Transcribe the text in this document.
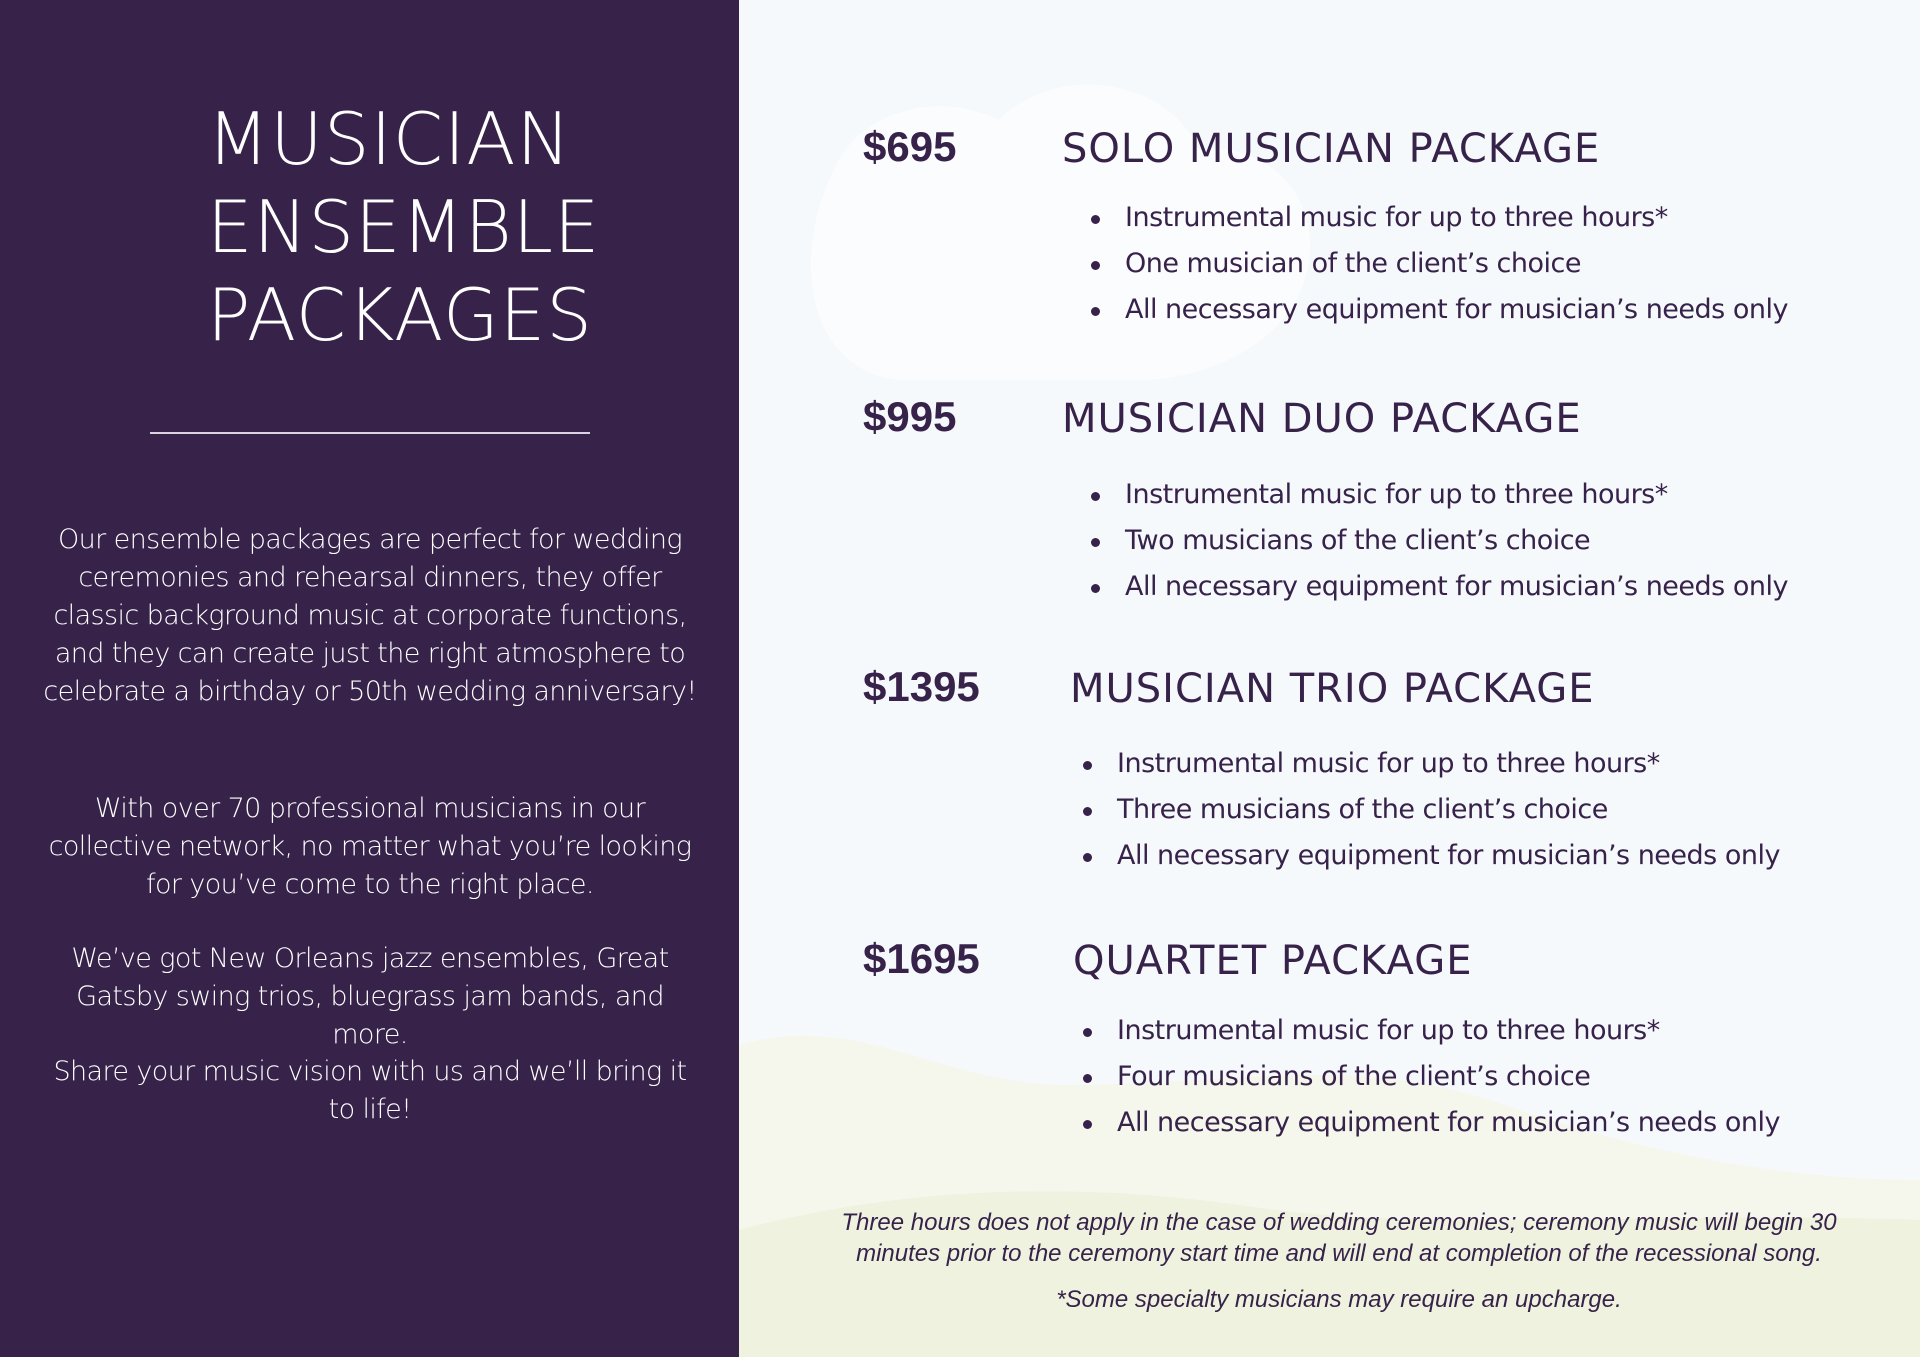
MUSICIAN
ENSEMBLE
PACKAGES

Our ensemble packages are perfect for wedding ceremonies and rehearsal dinners, they offer classic background music at corporate functions, and they can create just the right atmosphere to celebrate a birthday or 50th wedding anniversary!

With over 70 professional musicians in our collective network, no matter what you’re looking for you’ve come to the right place.

We’ve got New Orleans jazz ensembles, Great Gatsby swing trios, bluegrass jam bands, and more.

Share your music vision with us and we’ll bring it to life!

$695	SOLO MUSICIAN PACKAGE
Instrumental music for up to three hours*
One musician of the client’s choice
All necessary equipment for musician’s needs only
$995	MUSICIAN DUO PACKAGE
Instrumental music for up to three hours*
Two musicians of the client’s choice
All necessary equipment for musician’s needs only
$1395 MUSICIAN TRIO PACKAGE
Instrumental music for up to three hours*
Three musicians of the client’s choice
All necessary equipment for musician’s needs only
$1695 QUARTET PACKAGE
Instrumental music for up to three hours*
Four musicians of the client’s choice
All necessary equipment for musician’s needs only

Three hours does not apply in the case of wedding ceremonies; ceremony music will begin 30 minutes prior to the ceremony start time and will end at completion of the recessional song.

*Some specialty musicians may require an upcharge.
